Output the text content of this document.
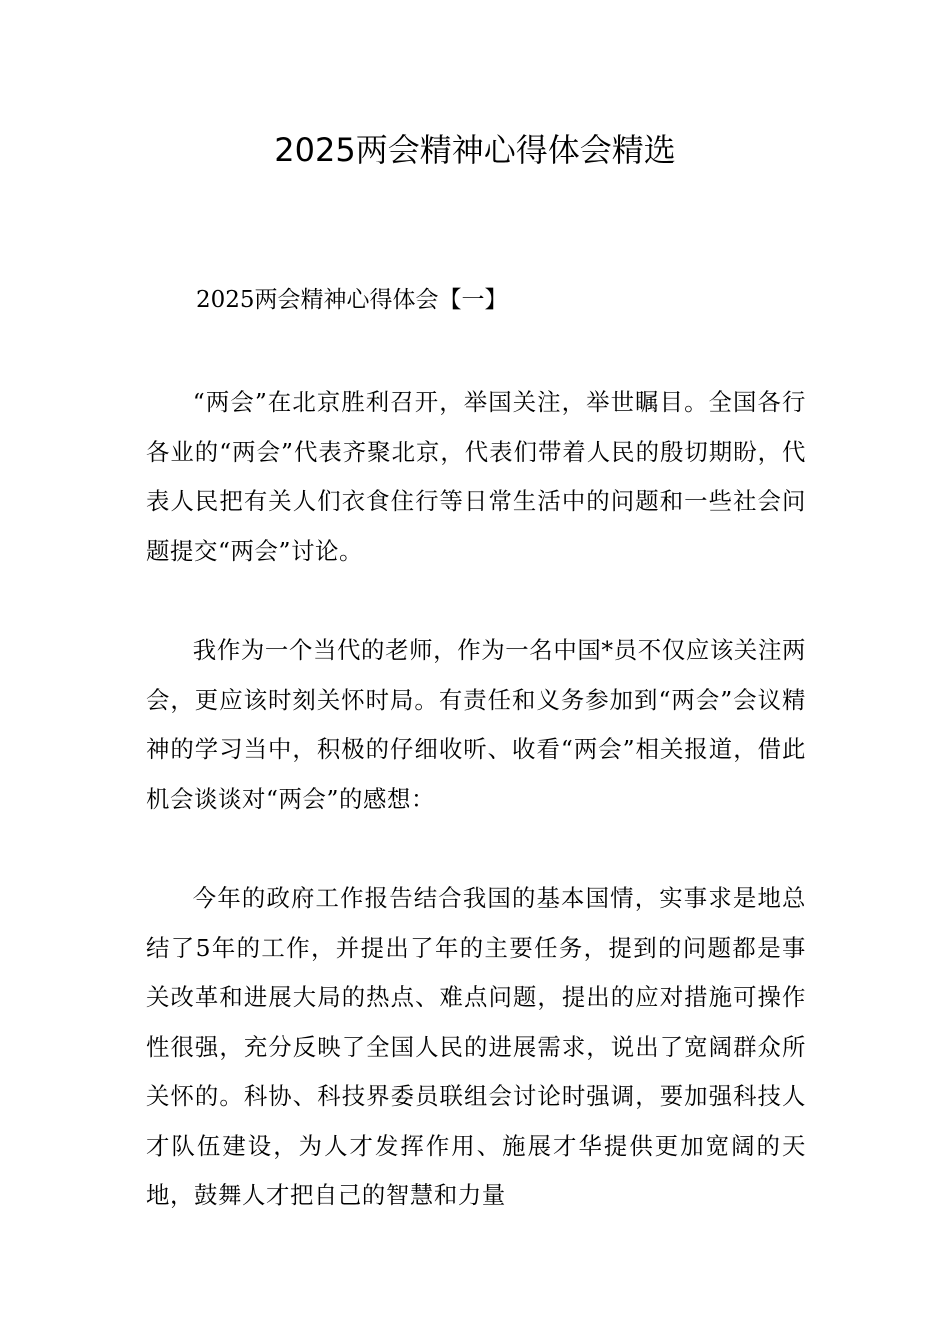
2025两会精神心得体会精选
2025两会精神心得体会【一】

“两会”在北京胜利召开，举国关注，举世瞩目。全国各行各业的“两会”代表齐聚北京，代表们带着人民的殷切期盼，代表人民把有关人们衣食住行等日常生活中的问题和一些社会问题提交“两会”讨论。

我作为一个当代的老师，作为一名中国*员不仅应该关注两会，更应该时刻关怀时局。有责任和义务参加到“两会”会议精神的学习当中，积极的仔细收听、收看“两会”相关报道，借此机会谈谈对“两会”的感想：

今年的政府工作报告结合我国的基本国情，实事求是地总结了5年的工作，并提出了年的主要任务，提到的问题都是事关改革和进展大局的热点、难点问题，提出的应对措施可操作性很强，充分反映了全国人民的进展需求，说出了宽阔群众所关怀的。科协、科技界委员联组会讨论时强调，要加强科技人才队伍建设，为人才发挥作用、施展才华提供更加宽阔的天地，鼓舞人才把自己的智慧和力量
